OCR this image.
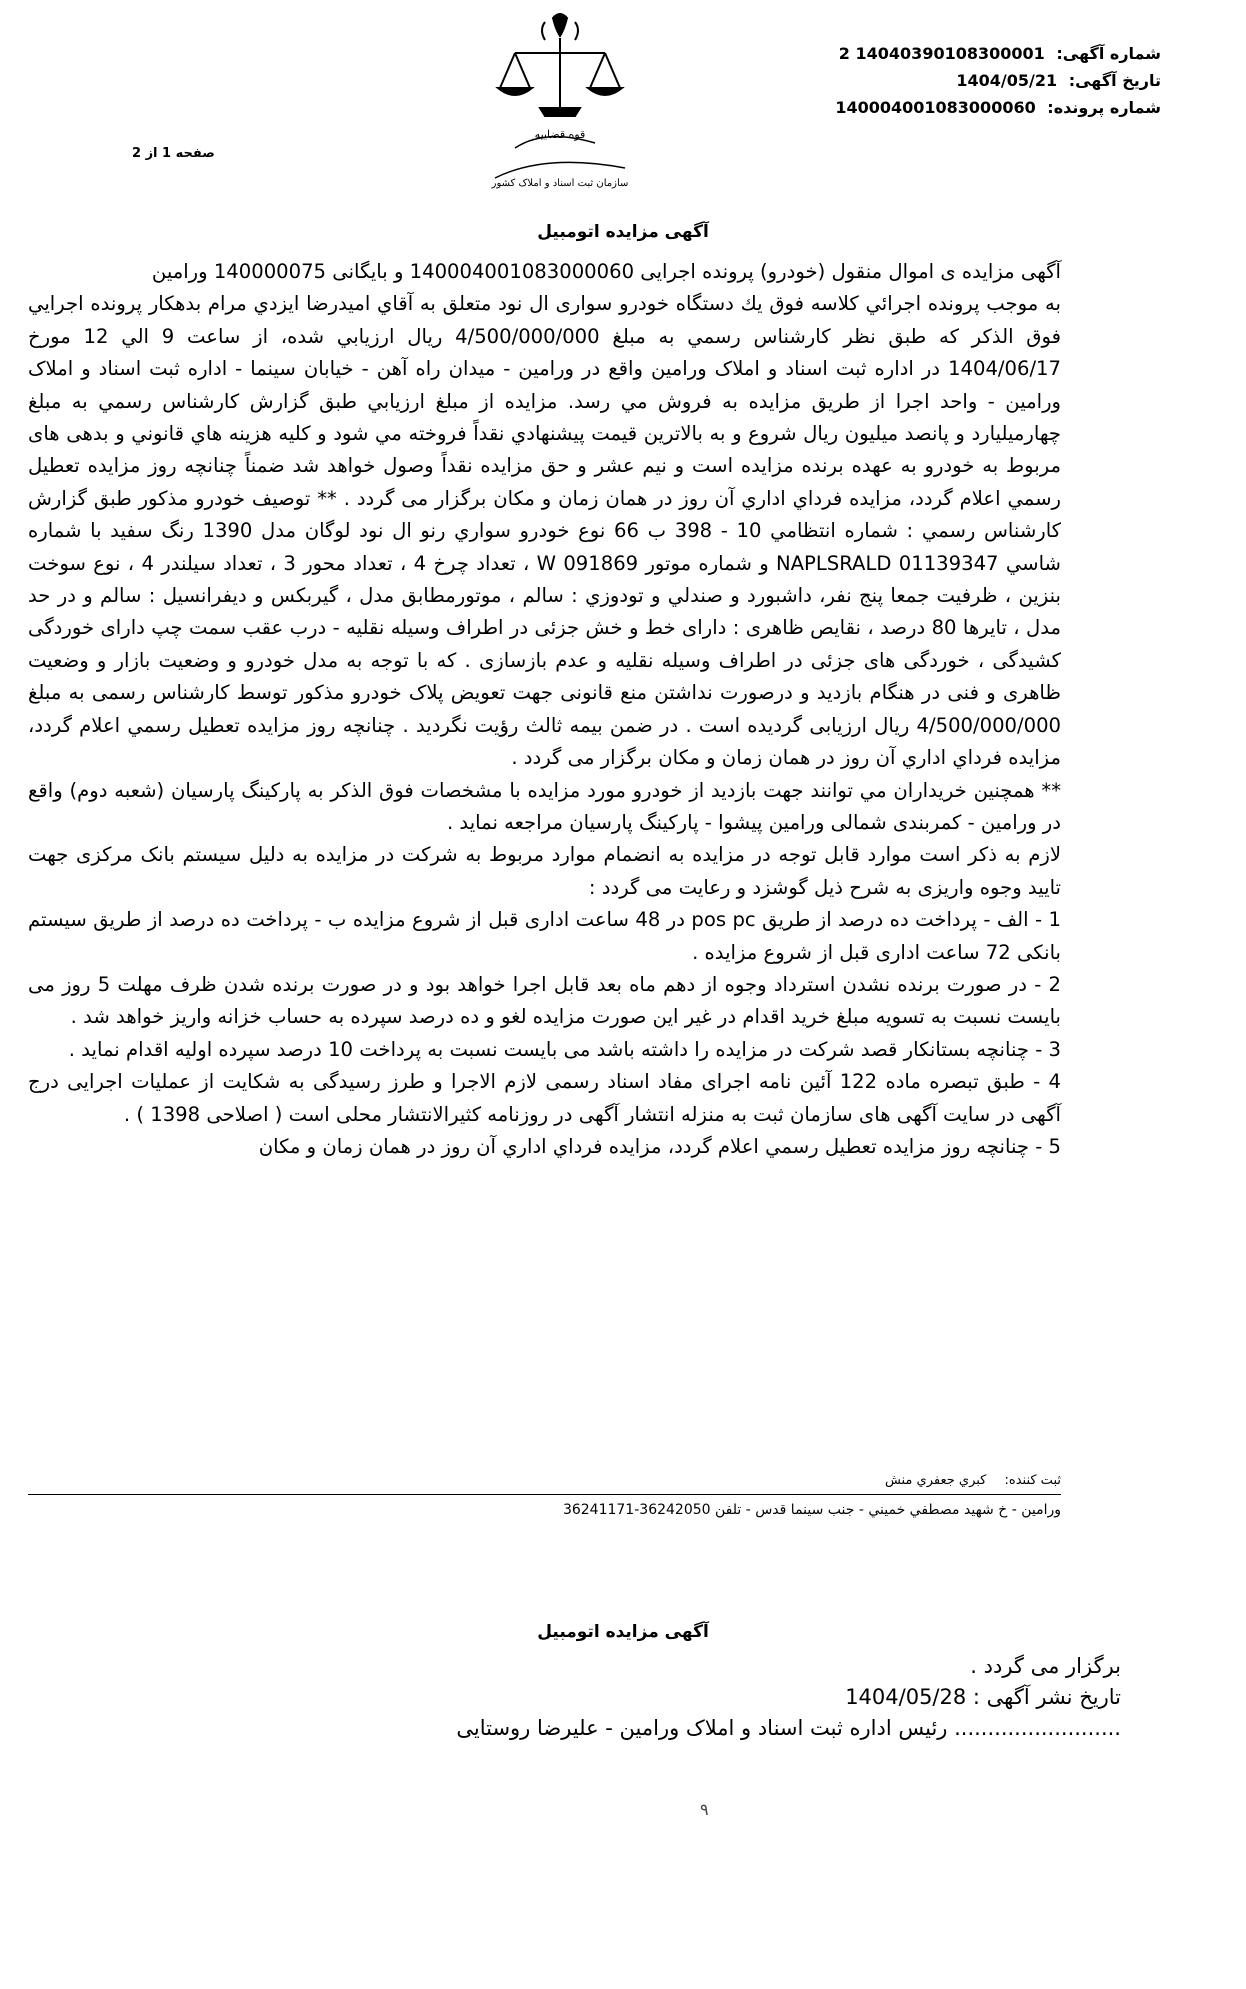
قوه قضاییه
سازمان ثبت اسناد و املاک کشور
شماره آگهی: 14040390108300001 2
تاریخ آگهی: 1404/05/21
شماره پرونده: 140004001083000060
صفحه 1 از 2
آگهی مزایده اتومبیل

آگهی مزایده ی اموال منقول (خودرو) پرونده اجرایی 140004001083000060 و بایگانی 140000075 ورامین

به موجب پرونده اجرائي كلاسه فوق يك دستگاه خودرو سواری ال نود متعلق به آقاي اميدرضا ايزدي مرام بدهكار پرونده اجرايي فوق الذكر كه طبق نظر كارشناس رسمي به مبلغ 4/500/000/000 ريال ارزيابي شده، از ساعت 9 الي 12 مورخ 1404/06/17 در اداره ثبت اسناد و املاک ورامين واقع در ورامين - ميدان راه آهن - خيابان سينما - اداره ثبت اسناد و املاک ورامين - واحد اجرا از طريق مزايده به فروش مي رسد. مزايده از مبلغ ارزيابي طبق گزارش كارشناس رسمي به مبلغ چهارميليارد و پانصد ميليون ريال شروع و به بالاترين قيمت پيشنهادي نقداً فروخته مي شود و كليه هزينه هاي قانوني و بدهی های مربوط به خودرو به عهده برنده مزایده است و نیم عشر و حق مزایده نقداً وصول خواهد شد ضمناً چنانچه روز مزايده تعطيل رسمي اعلام گردد، مزايده فرداي اداري آن روز در همان زمان و مكان برگزار می گردد . ** توصیف خودرو مذكور طبق گزارش كارشناس رسمي : شماره انتظامي 10 - 398 ب 66 نوع خودرو سواري رنو ال نود لوگان مدل 1390 رنگ سفيد با شماره شاسي NAPLSRALD 01139347 و شماره موتور W 091869 ، تعداد چرخ 4 ، تعداد محور 3 ، تعداد سیلندر 4 ، نوع سوخت بنزين ، ظرفيت جمعا پنج نفر، داشبورد و صندلي و تودوزي : سالم ، موتورمطابق مدل ، گيربكس و ديفرانسيل : سالم و در حد مدل ، تايرها 80 درصد ، نقایص ظاهری : دارای خط و خش جزئی در اطراف وسیله نقلیه - درب عقب سمت چپ دارای خوردگی کشیدگی ، خوردگی های جزئی در اطراف وسیله نقلیه و عدم بازسازی . كه با توجه به مدل خودرو و وضعیت بازار و وضعیت ظاهری و فنی در هنگام بازدید و درصورت نداشتن منع قانونی جهت تعویض پلاک خودرو مذكور توسط کارشناس رسمی به مبلغ 4/500/000/000 ریال ارزیابی گردیده است . در ضمن بیمه ثالث رؤیت نگردید . چنانچه روز مزايده تعطيل رسمي اعلام گردد، مزايده فرداي اداري آن روز در همان زمان و مكان برگزار می گردد .

** همچنین خریداران مي توانند جهت بازدید از خودرو مورد مزایده با مشخصات فوق الذکر به پارکینگ پارسیان (شعبه دوم) واقع در ورامین - کمربندی شمالی ورامین پیشوا - پارکینگ پارسیان مراجعه نماید .

لازم به ذکر است موارد قابل توجه در مزایده به انضمام موارد مربوط به شرکت در مزایده به دلیل سیستم بانک مرکزی جهت تایید وجوه واریزی به شرح ذیل گوشزد و رعایت می گردد :

1 - الف - پرداخت ده درصد از طریق pos pc در 48 ساعت اداری قبل از شروع مزایده ب - پرداخت ده درصد از طریق سیستم بانکی 72 ساعت اداری قبل از شروع مزایده .

2 - در صورت برنده نشدن استرداد وجوه از دهم ماه بعد قابل اجرا خواهد بود و در صورت برنده شدن ظرف مهلت 5 روز می بایست نسبت به تسویه مبلغ خرید اقدام در غیر این صورت مزایده لغو و ده درصد سپرده به حساب خزانه واریز خواهد شد .

3 - چنانچه بستانکار قصد شرکت در مزایده را داشته باشد می بایست نسبت به پرداخت 10 درصد سپرده اولیه اقدام نماید .

4 - طبق تبصره ماده 122 آئین نامه اجرای مفاد اسناد رسمی لازم الاجرا و طرز رسیدگی به شکایت از عملیات اجرایی درج آگهی در سایت آگهی های سازمان ثبت به منزله انتشار آگهی در روزنامه کثیرالانتشار محلی است ( اصلاحی 1398 ) .

5 - چنانچه روز مزایده تعطیل رسمي اعلام گردد، مزايده فرداي اداري آن روز در همان زمان و مكان

ثبت كننده: كبري جعفري منش
ورامين - خ شهيد مصطفي خميني - جنب سينما قدس - تلفن 36242050-36241171
آگهی مزایده اتومبیل
برگزار می گردد .
تاریخ نشر آگهی : 1404/05/28
......................... رئیس اداره ثبت اسناد و املاک ورامین - علیرضا روستایی
٩
